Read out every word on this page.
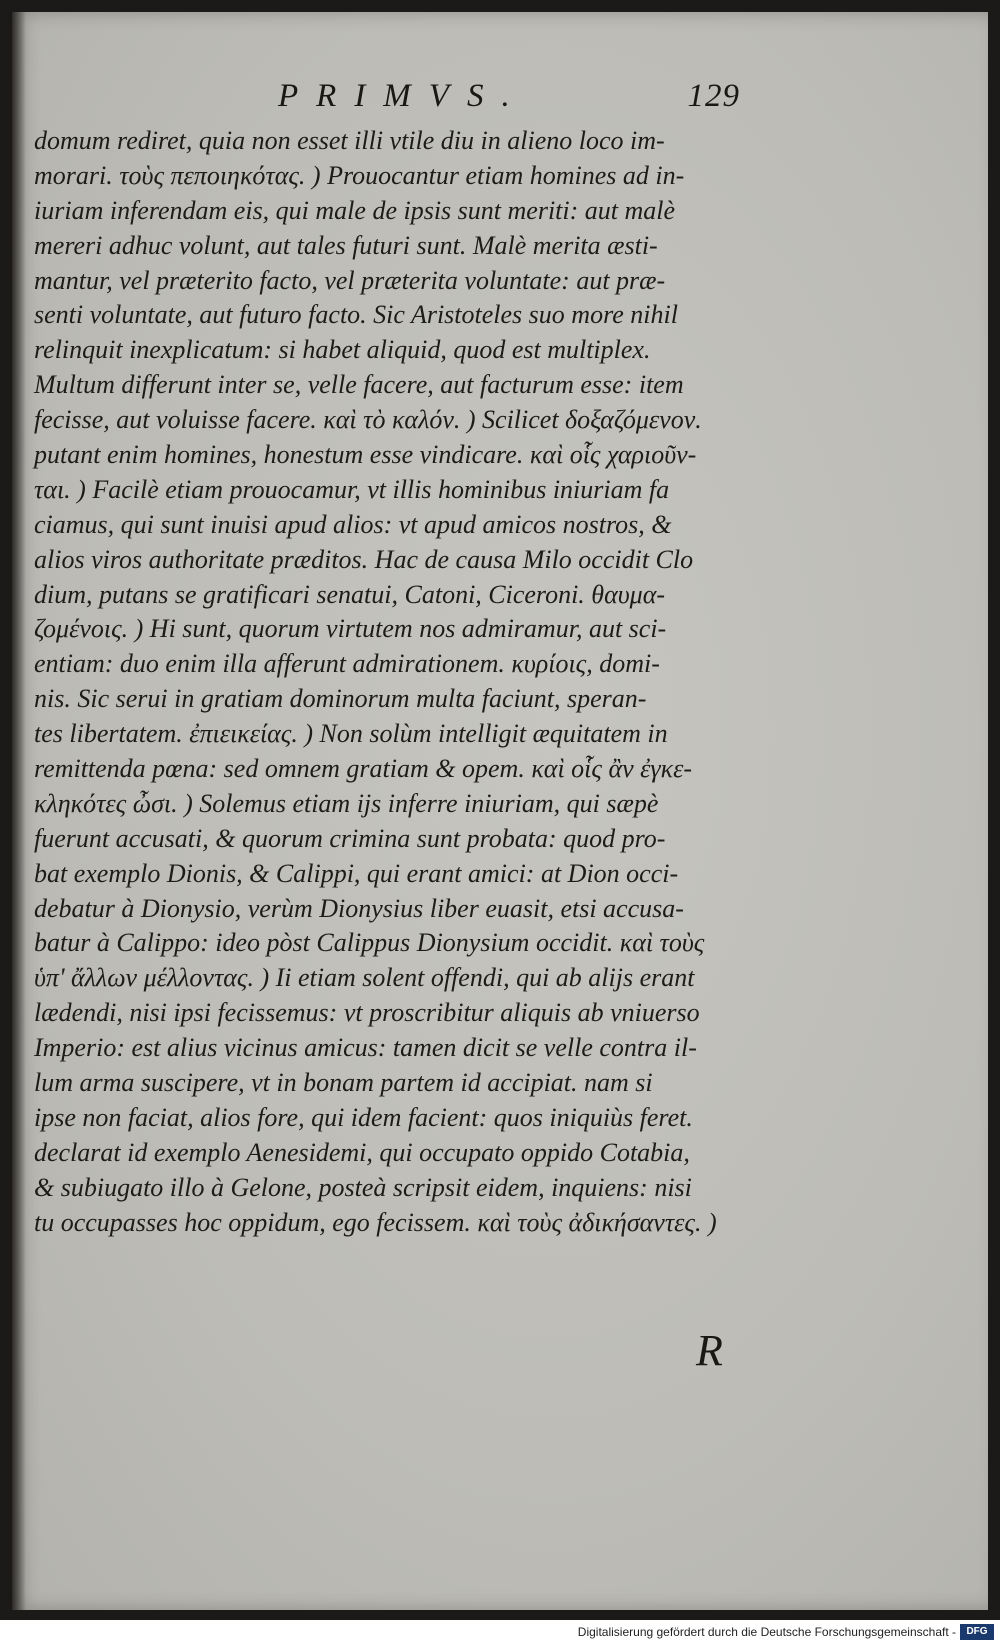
PRIMVS.	129
domum rediret, quia non esset illi vtile diu in alieno loco im-
morari. τοὺς πεποιηκότας. ) Prouocantur etiam homines ad in-
iuriam inferendam eis, qui male de ipsis sunt meriti: aut malè
mereri adhuc volunt, aut tales futuri sunt. Malè merita æsti-
mantur, vel præterito facto, vel præterita voluntate: aut præ-
senti voluntate, aut futuro facto. Sic Aristoteles suo more nihil
relinquit inexplicatum: si habet aliquid, quod est multiplex.
Multum differunt inter se, velle facere, aut facturum esse: item
fecisse, aut voluisse facere. καὶ τὸ καλόν. ) Scilicet δοξαζόμενον.
putant enim homines, honestum esse vindicare. καὶ οἷς χαριοῦν-
ται. ) Facilè etiam prouocamur, vt illis hominibus iniuriam fa
ciamus, qui sunt inuisi apud alios: vt apud amicos nostros, &
alios viros authoritate præditos. Hac de causa Milo occidit Clo
dium, putans se gratificari senatui, Catoni, Ciceroni. θαυμα-
ζομένοις. ) Hi sunt, quorum virtutem nos admiramur, aut sci-
entiam: duo enim illa afferunt admirationem. κυρίοις, domi-
nis. Sic serui in gratiam dominorum multa faciunt, speran-
tes libertatem. ἐπιεικείας. ) Non solùm intelligit æquitatem in
remittenda pœna: sed omnem gratiam & opem. καὶ οἷς ἂν ἐγκε-
κληκότες ὦσι. ) Solemus etiam ijs inferre iniuriam, qui sæpè
fuerunt accusati, & quorum crimina sunt probata: quod pro-
bat exemplo Dionis, & Calippi, qui erant amici: at Dion occi-
debatur à Dionysio, verùm Dionysius liber euasit, etsi accusa-
batur à Calippo: ideo pòst Calippus Dionysium occidit. καὶ τοὺς
ὑπ' ἄλλων μέλλοντας. ) Ii etiam solent offendi, qui ab alijs erant
lædendi, nisi ipsi fecissemus: vt proscribitur aliquis ab vniuerso
Imperio: est alius vicinus amicus: tamen dicit se velle contra il-
lum arma suscipere, vt in bonam partem id accipiat. nam si
ipse non faciat, alios fore, qui idem facient: quos iniquiùs feret.
declarat id exemplo Aenesidemi, qui occupato oppido Cotabia,
& subiugato illo à Gelone, posteà scripsit eidem, inquiens: nisi
tu occupasses hoc oppidum, ego fecissem. καὶ τοὺς ἀδικήσαντες. )
R
Digitalisierung gefördert durch die Deutsche Forschungsgemeinschaft -	DFG
